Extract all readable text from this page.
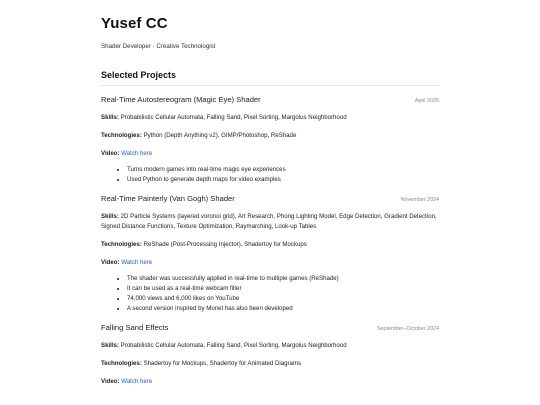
Yusef CC
Shader Developer · Creative Technologist
Selected Projects
Real-Time Autostereogram (Magic Eye) Shader	April 2025
Skills: Probabilistic Cellular Automata, Falling Sand, Pixel Sorting, Margolus Neighborhood
Technologies: Python (Depth Anything v2), GIMP/Photoshop, ReShade
Video: Watch here
• Turns modern games into real-time magic eye experiences
• Used Python to generate depth maps for video examples
Real-Time Painterly (Van Gogh) Shader	November 2024
Skills: 2D Particle Systems (layered voronoi grid), Art Research, Phong Lighting Model, Edge Detection, Gradient Detection, Signed Distance Functions, Texture Optimization, Raymarching, Look-up Tables
Technologies: ReShade (Post-Processing Injector), Shadertoy for Mockups
Video: Watch here
• The shader was successfully applied in real-time to multiple games (ReShade)
• It can be used as a real-time webcam filter
• 74,000 views and 6,000 likes on YouTube
• A second version inspired by Monet has also been developed
Falling Sand Effects	September–October 2024
Skills: Probabilistic Cellular Automata, Falling Sand, Pixel Sorting, Margolus Neighborhood
Technologies: Shadertoy for Mockups, Shadertoy for Animated Diagrams
Video: Watch here
